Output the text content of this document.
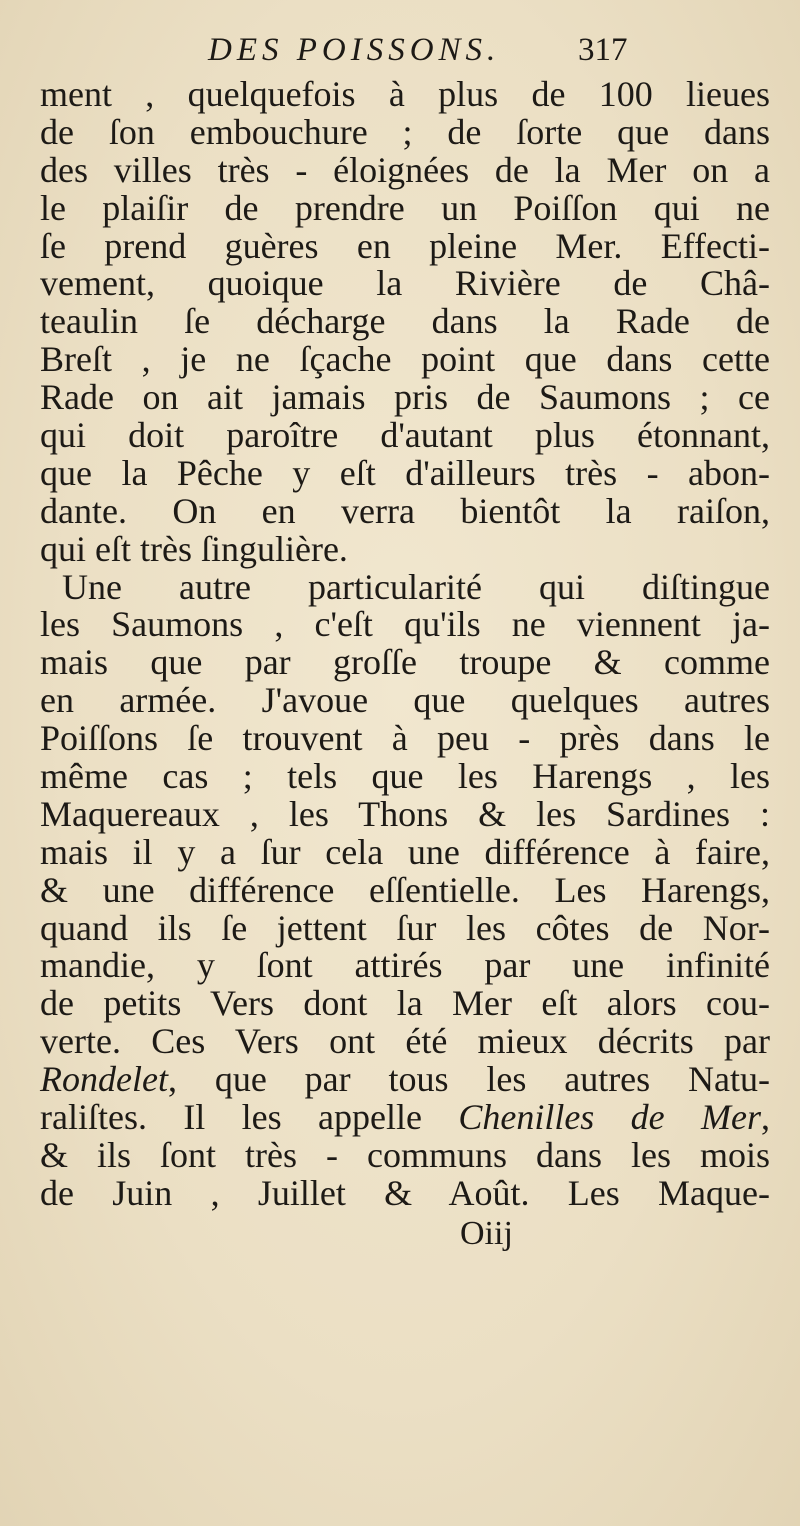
DES POISSONS. 317

ment , quelquefois à plus de 100 lieues

de ſon embouchure ; de ſorte que dans

des villes très - éloignées de la Mer on a

le plaiſir de prendre un Poiſſon qui ne

ſe prend guères en pleine Mer. Effecti-

vement, quoique la Rivière de Châ-

teaulin ſe décharge dans la Rade de

Breſt , je ne ſçache point que dans cette

Rade on ait jamais pris de Saumons ; ce

qui doit paroître d'autant plus étonnant,

que la Pêche y eſt d'ailleurs très - abon-

dante. On en verra bientôt la raiſon,

qui eſt très ſingulière.

Une autre particularité qui diſtingue

les Saumons , c'eſt qu'ils ne viennent ja-

mais que par groſſe troupe & comme

en armée. J'avoue que quelques autres

Poiſſons ſe trouvent à peu - près dans le

même cas ; tels que les Harengs , les

Maquereaux , les Thons & les Sardines :

mais il y a ſur cela une différence à faire,

& une différence eſſentielle. Les Harengs,

quand ils ſe jettent ſur les côtes de Nor-

mandie, y ſont attirés par une infinité

de petits Vers dont la Mer eſt alors cou-

verte. Ces Vers ont été mieux décrits par

Rondelet, que par tous les autres Natu-

raliſtes. Il les appelle Chenilles de Mer,

& ils ſont très - communs dans les mois

de Juin , Juillet & Août. Les Maque-

Oiij
